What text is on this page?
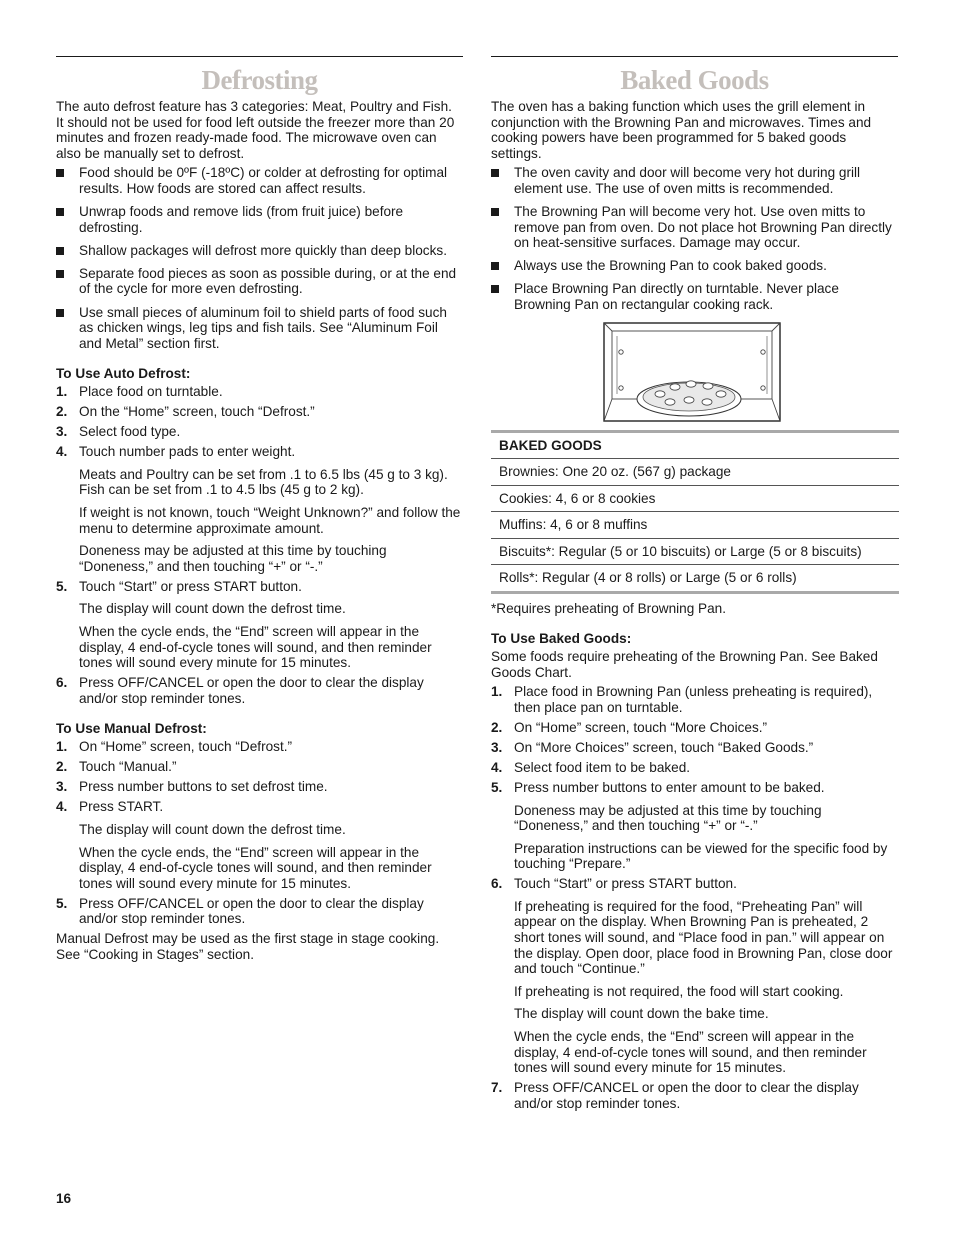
Defrosting

The auto defrost feature has 3 categories: Meat, Poultry and Fish. It should not be used for food left outside the freezer more than 20 minutes and frozen ready-made food. The microwave oven can also be manually set to defrost.

Food should be 0ºF (-18ºC) or colder at defrosting for optimal results. How foods are stored can affect results.
Unwrap foods and remove lids (from fruit juice) before defrosting.
Shallow packages will defrost more quickly than deep blocks.
Separate food pieces as soon as possible during, or at the end of the cycle for more even defrosting.
Use small pieces of aluminum foil to shield parts of food such as chicken wings, leg tips and fish tails. See “Aluminum Foil and Metal” section first.
To Use Auto Defrost:
1. Place food on turntable.
2. On the “Home” screen, touch “Defrost.”
3. Select food type.
4. Touch number pads to enter weight.
Meats and Poultry can be set from .1 to 6.5 lbs (45 g to 3 kg). Fish can be set from .1 to 4.5 lbs (45 g to 2 kg).
If weight is not known, touch “Weight Unknown?” and follow the menu to determine approximate amount.
Doneness may be adjusted at this time by touching “Doneness,” and then touching “+” or “-.”
5. Touch “Start” or press START button.
The display will count down the defrost time.
When the cycle ends, the “End” screen will appear in the display, 4 end-of-cycle tones will sound, and then reminder tones will sound every minute for 15 minutes.
6. Press OFF/CANCEL or open the door to clear the display and/or stop reminder tones.
To Use Manual Defrost:
1. On “Home” screen, touch “Defrost.”
2. Touch “Manual.”
3. Press number buttons to set defrost time.
4. Press START.
The display will count down the defrost time.
When the cycle ends, the “End” screen will appear in the display, 4 end-of-cycle tones will sound, and then reminder tones will sound every minute for 15 minutes.
5. Press OFF/CANCEL or open the door to clear the display and/or stop reminder tones.

Manual Defrost may be used as the first stage in stage cooking. See “Cooking in Stages” section.

Baked Goods

The oven has a baking function which uses the grill element in conjunction with the Browning Pan and microwaves. Times and cooking powers have been programmed for 5 baked goods settings.

The oven cavity and door will become very hot during grill element use. The use of oven mitts is recommended.
The Browning Pan will become very hot. Use oven mitts to remove pan from oven. Do not place hot Browning Pan directly on heat-sensitive surfaces. Damage may occur.
Always use the Browning Pan to cook baked goods.
Place Browning Pan directly on turntable. Never place Browning Pan on rectangular cooking rack.
BAKED GOODS
Brownies: One 20 oz. (567 g) package
Cookies: 4, 6 or 8 cookies
Muffins: 4, 6 or 8 muffins
Biscuits*: Regular (5 or 10 biscuits) or Large (5 or 8 biscuits)
Rolls*: Regular (4 or 8 rolls) or Large (5 or 6 rolls)

*Requires preheating of Browning Pan.

To Use Baked Goods:

Some foods require preheating of the Browning Pan. See Baked Goods Chart.

1. Place food in Browning Pan (unless preheating is required), then place pan on turntable.
2. On “Home” screen, touch “More Choices.”
3. On “More Choices” screen, touch “Baked Goods.”
4. Select food item to be baked.
5. Press number buttons to enter amount to be baked.
Doneness may be adjusted at this time by touching “Doneness,” and then touching “+” or “-.”
Preparation instructions can be viewed for the specific food by touching “Prepare.”
6. Touch “Start” or press START button.
If preheating is required for the food, “Preheating Pan” will appear on the display. When Browning Pan is preheated, 2 short tones will sound, and “Place food in pan.” will appear on the display. Open door, place food in Browning Pan, close door and touch “Continue.”
If preheating is not required, the food will start cooking.
The display will count down the bake time.
When the cycle ends, the “End” screen will appear in the display, 4 end-of-cycle tones will sound, and then reminder tones will sound every minute for 15 minutes.
7. Press OFF/CANCEL or open the door to clear the display and/or stop reminder tones.
16
